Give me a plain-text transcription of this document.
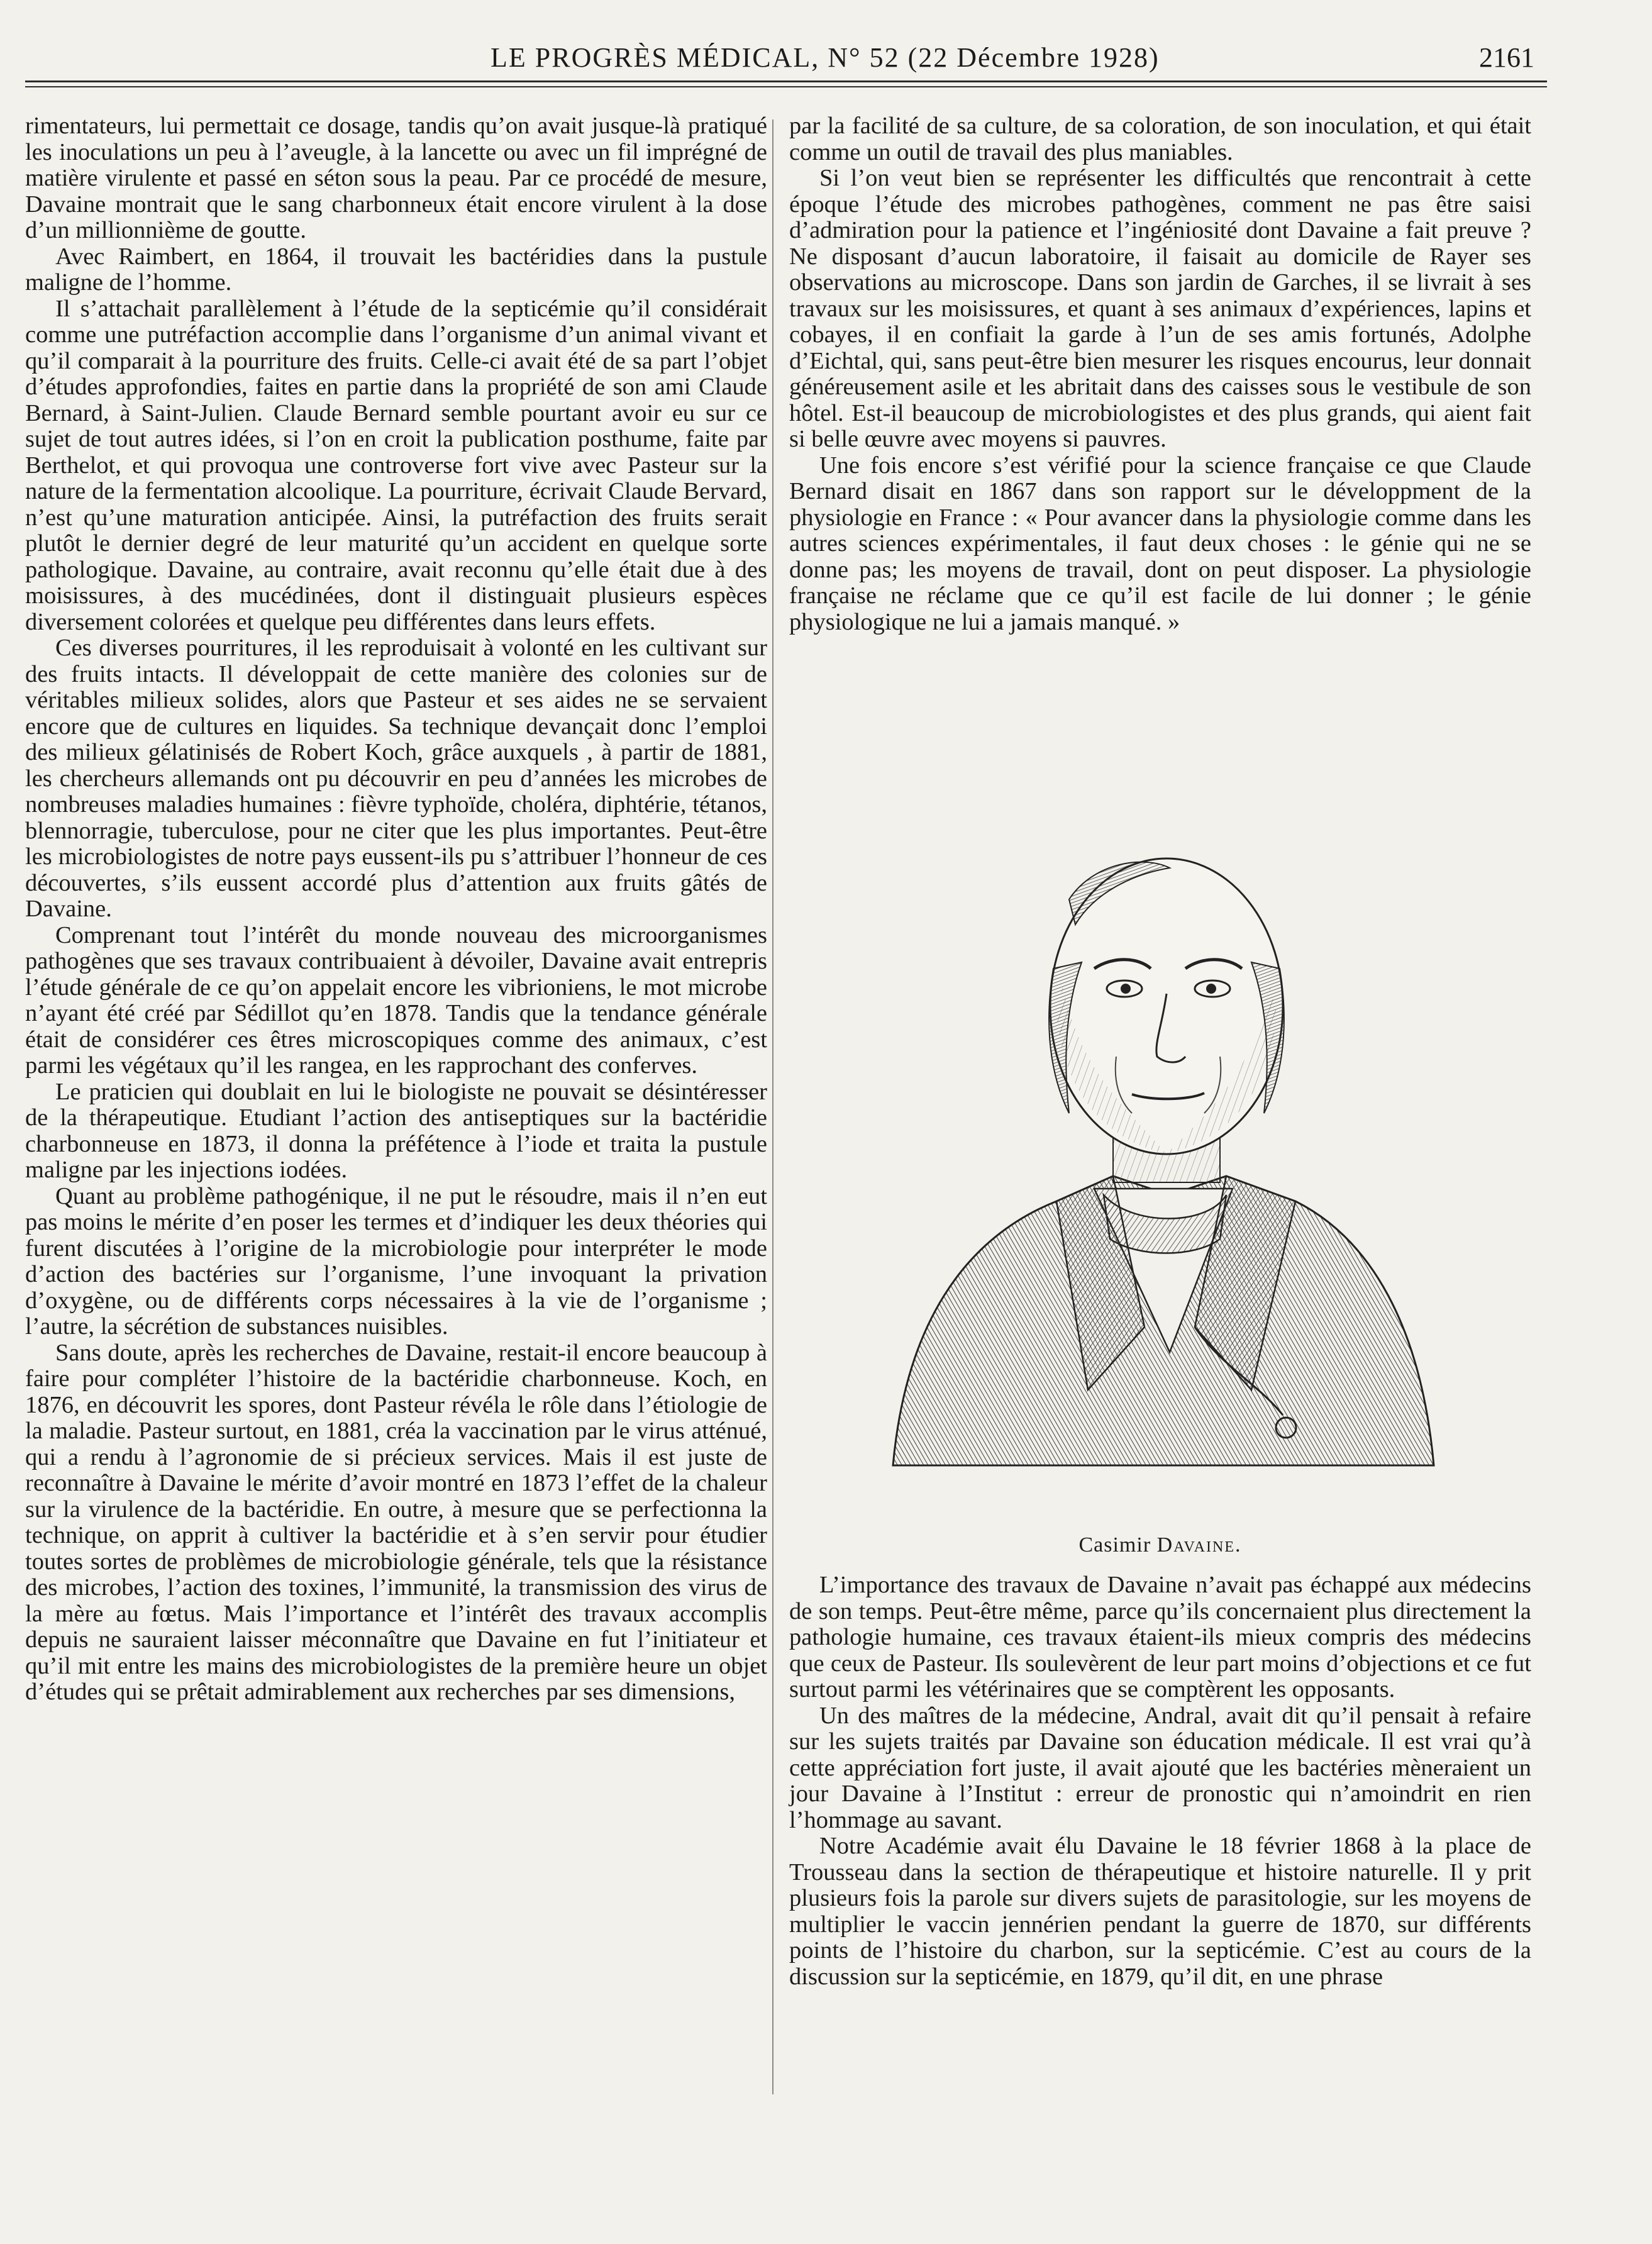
LE PROGRÈS MÉDICAL, N° 52 (22 Décembre 1928)	2161

rimentateurs, lui permettait ce dosage, tandis qu’on avait jusque-là pratiqué les inoculations un peu à l’aveugle, à la lancette ou avec un fil imprégné de matière virulente et passé en séton sous la peau. Par ce procédé de mesure, Davaine montrait que le sang charbonneux était encore virulent à la dose d’un millionnième de goutte.

Avec Raimbert, en 1864, il trouvait les bactéridies dans la pustule maligne de l’homme.

Il s’attachait parallèlement à l’étude de la septicémie qu’il considérait comme une putréfaction accomplie dans l’organisme d’un animal vivant et qu’il comparait à la pourriture des fruits. Celle-ci avait été de sa part l’objet d’études approfondies, faites en partie dans la propriété de son ami Claude Bernard, à Saint-Julien. Claude Bernard semble pourtant avoir eu sur ce sujet de tout autres idées, si l’on en croit la publication posthume, faite par Berthelot, et qui provoqua une controverse fort vive avec Pasteur sur la nature de la fermentation alcoolique. La pourriture, écrivait Claude Bervard, n’est qu’une maturation anticipée. Ainsi, la putréfaction des fruits serait plutôt le dernier degré de leur maturité qu’un accident en quelque sorte pathologique. Davaine, au contraire, avait reconnu qu’elle était due à des moisissures, à des mucédinées, dont il distinguait plusieurs espèces diversement colorées et quelque peu différentes dans leurs effets.

Ces diverses pourritures, il les reproduisait à volonté en les cultivant sur des fruits intacts. Il développait de cette manière des colonies sur de véritables milieux solides, alors que Pasteur et ses aides ne se servaient encore que de cultures en liquides. Sa technique devançait donc l’emploi des milieux gélatinisés de Robert Koch, grâce auxquels , à partir de 1881, les chercheurs allemands ont pu découvrir en peu d’années les microbes de nombreuses maladies humaines : fièvre typhoïde, choléra, diphtérie, tétanos, blennorragie, tuberculose, pour ne citer que les plus importantes. Peut-être les microbiologistes de notre pays eussent-ils pu s’attribuer l’honneur de ces découvertes, s’ils eussent accordé plus d’attention aux fruits gâtés de Davaine.

Comprenant tout l’intérêt du monde nouveau des microorganismes pathogènes que ses travaux contribuaient à dévoiler, Davaine avait entrepris l’étude générale de ce qu’on appelait encore les vibrioniens, le mot microbe n’ayant été créé par Sédillot qu’en 1878. Tandis que la tendance générale était de considérer ces êtres microscopiques comme des animaux, c’est parmi les végétaux qu’il les rangea, en les rapprochant des conferves.

Le praticien qui doublait en lui le biologiste ne pouvait se désintéresser de la thérapeutique. Etudiant l’action des antiseptiques sur la bactéridie charbonneuse en 1873, il donna la préfétence à l’iode et traita la pustule maligne par les injections iodées.

Quant au problème pathogénique, il ne put le résoudre, mais il n’en eut pas moins le mérite d’en poser les termes et d’indiquer les deux théories qui furent discutées à l’origine de la microbiologie pour interpréter le mode d’action des bactéries sur l’organisme, l’une invoquant la privation d’oxygène, ou de différents corps nécessaires à la vie de l’organisme ; l’autre, la sécrétion de substances nuisibles.

Sans doute, après les recherches de Davaine, restait-il encore beaucoup à faire pour compléter l’histoire de la bactéridie charbonneuse. Koch, en 1876, en découvrit les spores, dont Pasteur révéla le rôle dans l’étiologie de la maladie. Pasteur surtout, en 1881, créa la vaccination par le virus atténué, qui a rendu à l’agronomie de si précieux services. Mais il est juste de reconnaître à Davaine le mérite d’avoir montré en 1873 l’effet de la chaleur sur la virulence de la bactéridie. En outre, à mesure que se perfectionna la technique, on apprit à cultiver la bactéridie et à s’en servir pour étudier toutes sortes de problèmes de microbiologie générale, tels que la résistance des microbes, l’action des toxines, l’immunité, la transmission des virus de la mère au fœtus. Mais l’importance et l’intérêt des travaux accomplis depuis ne sauraient laisser méconnaître que Davaine en fut l’initiateur et qu’il mit entre les mains des microbiologistes de la première heure un objet d’études qui se prêtait admirablement aux recherches par ses dimensions,

par la facilité de sa culture, de sa coloration, de son inoculation, et qui était comme un outil de travail des plus maniables.

Si l’on veut bien se représenter les difficultés que rencontrait à cette époque l’étude des microbes pathogènes, comment ne pas être saisi d’admiration pour la patience et l’ingéniosité dont Davaine a fait preuve ? Ne disposant d’aucun laboratoire, il faisait au domicile de Rayer ses observations au microscope. Dans son jardin de Garches, il se livrait à ses travaux sur les moisissures, et quant à ses animaux d’expériences, lapins et cobayes, il en confiait la garde à l’un de ses amis fortunés, Adolphe d’Eichtal, qui, sans peut-être bien mesurer les risques encourus, leur donnait généreusement asile et les abritait dans des caisses sous le vestibule de son hôtel. Est-il beaucoup de microbiologistes et des plus grands, qui aient fait si belle œuvre avec moyens si pauvres.

Une fois encore s’est vérifié pour la science française ce que Claude Bernard disait en 1867 dans son rapport sur le développment de la physiologie en France : « Pour avancer dans la physiologie comme dans les autres sciences expérimentales, il faut deux choses : le génie qui ne se donne pas; les moyens de travail, dont on peut disposer. La physiologie française ne réclame que ce qu’il est facile de lui donner ; le génie physiologique ne lui a jamais manqué. »

Casimir Davaine.

L’importance des travaux de Davaine n’avait pas échappé aux médecins de son temps. Peut-être même, parce qu’ils concernaient plus directement la pathologie humaine, ces travaux étaient-ils mieux compris des médecins que ceux de Pasteur. Ils soulevèrent de leur part moins d’objections et ce fut surtout parmi les vétérinaires que se comptèrent les opposants.

Un des maîtres de la médecine, Andral, avait dit qu’il pensait à refaire sur les sujets traités par Davaine son éducation médicale. Il est vrai qu’à cette appréciation fort juste, il avait ajouté que les bactéries mèneraient un jour Davaine à l’Institut : erreur de pronostic qui n’amoindrit en rien l’hommage au savant.

Notre Académie avait élu Davaine le 18 février 1868 à la place de Trousseau dans la section de thérapeutique et histoire naturelle. Il y prit plusieurs fois la parole sur divers sujets de parasitologie, sur les moyens de multiplier le vaccin jennérien pendant la guerre de 1870, sur différents points de l’histoire du charbon, sur la septicémie. C’est au cours de la discussion sur la septicémie, en 1879, qu’il dit, en une phrase
